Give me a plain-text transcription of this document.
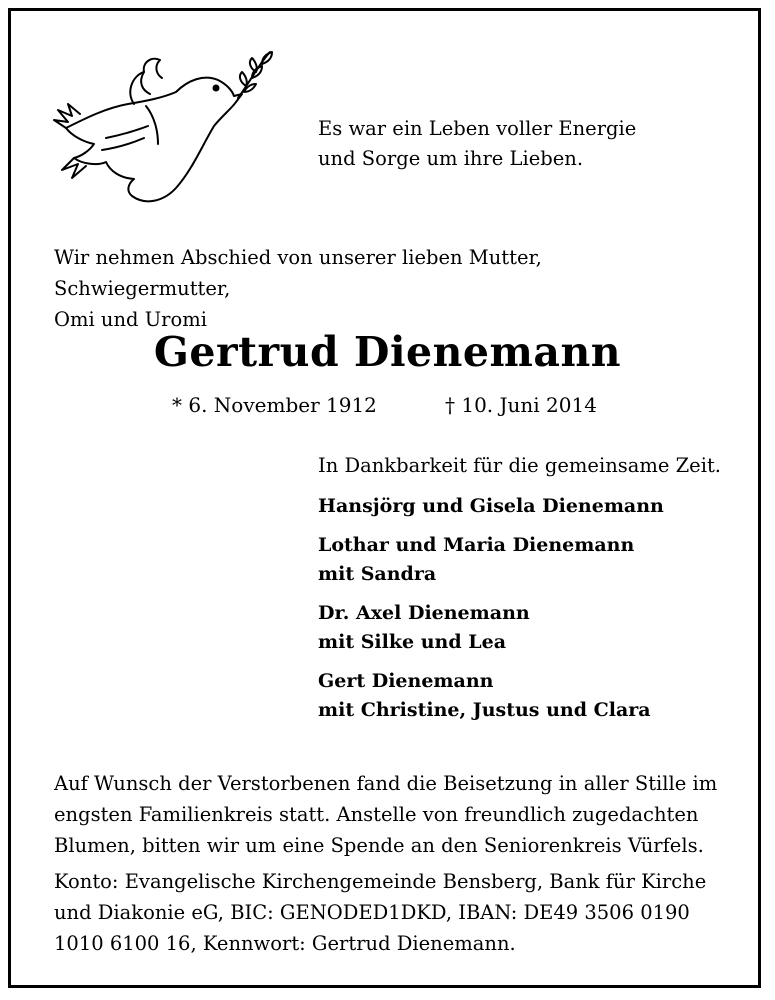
Es war ein Leben voller Energie
und Sorge um ihre Lieben.
Wir nehmen Abschied von unserer lieben Mutter, Schwiegermutter,
Omi und Uromi
Gertrud Dienemann
* 6. November 1912	† 10. Juni 2014
In Dankbarkeit für die gemeinsame Zeit.
Hansjörg und Gisela Dienemann
Lothar und Maria Dienemann
mit Sandra
Dr. Axel Dienemann
mit Silke und Lea
Gert Dienemann
mit Christine, Justus und Clara
Auf Wunsch der Verstorbenen fand die Beisetzung in aller Stille im
engsten Familienkreis statt. Anstelle von freundlich zugedachten
Blumen, bitten wir um eine Spende an den Seniorenkreis Vürfels.
Konto: Evangelische Kirchengemeinde Bensberg, Bank für Kirche
und Diakonie eG, BIC: GENODED1DKD, IBAN: DE49 3506 0190
1010 6100 16, Kennwort: Gertrud Dienemann.
